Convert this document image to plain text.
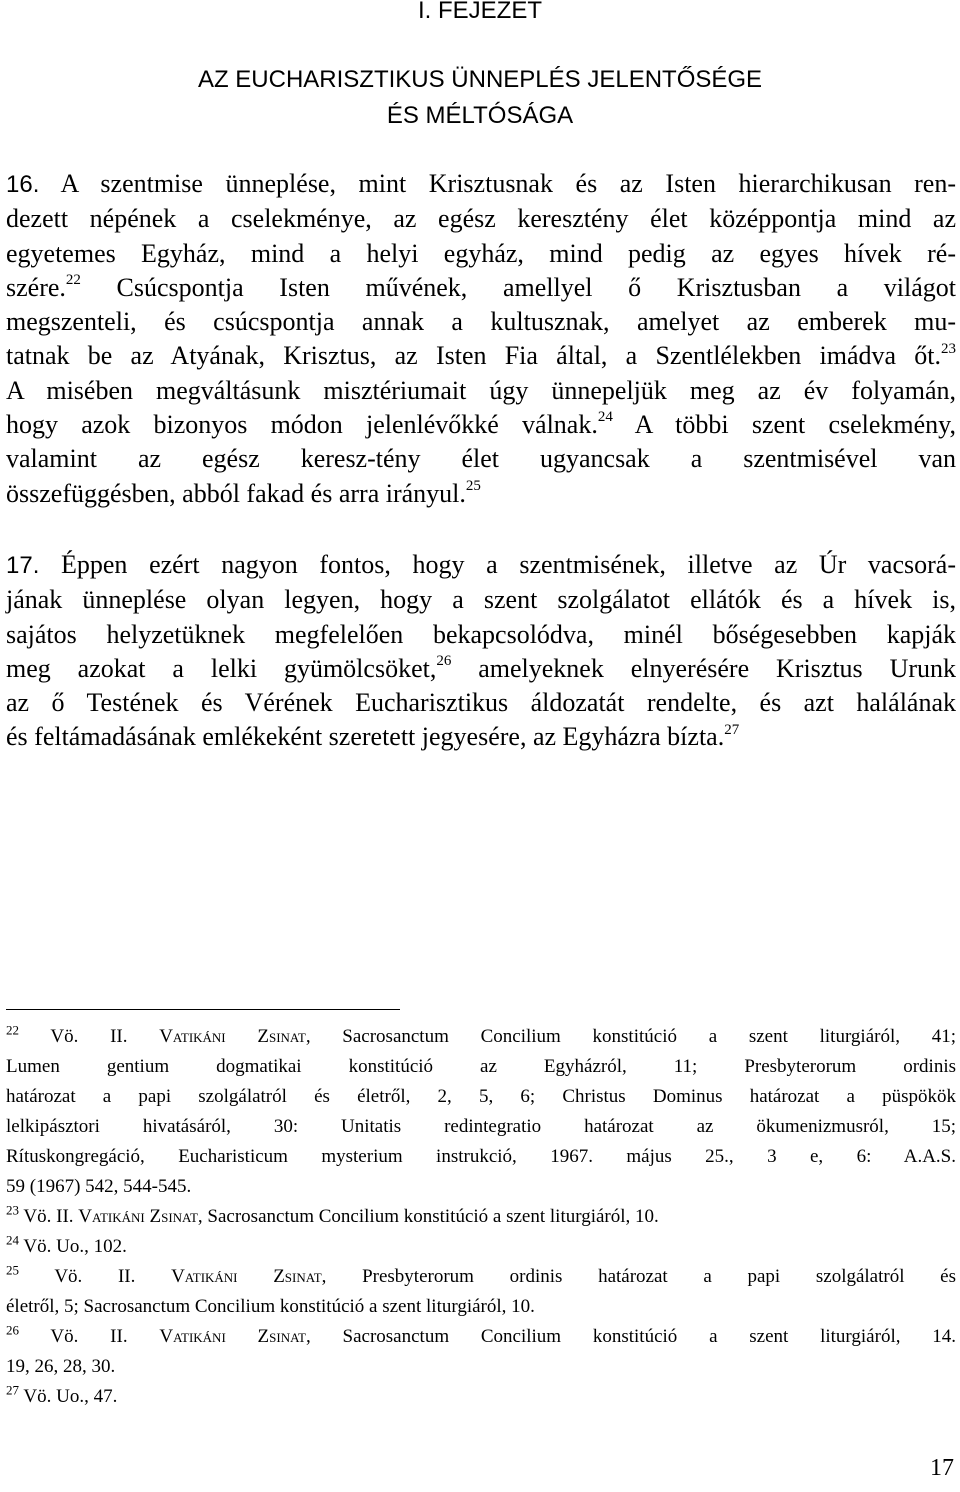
I. FEJEZET
AZ EUCHARISZTIKUS ÜNNEPLÉS JELENTŐSÉGE
ÉS MÉLTÓSÁGA
16. A szentmise ünneplése, mint Krisztusnak és az Isten hierarchikusan ren-
dezett népének a cselekménye, az egész keresztény élet középpontja mind az
egyetemes Egyház, mind a helyi egyház, mind pedig az egyes hívek ré-
szére.$^{22}$ Csúcspontja Isten művének, amellyel ő Krisztusban a világot
megszenteli, és csúcspontja annak a kultusznak, amelyet az emberek mu-
tatnak be az Atyának, Krisztus, az Isten Fia által, a Szentlélekben imádva őt.$^{23}$
A misében megváltásunk misztériumait úgy ünnepeljük meg az év folyamán,
hogy azok bizonyos módon jelenlévőkké válnak.$^{24}$ A többi szent cselekmény,
valamint az egész keresz-tény élet ugyancsak a szentmisével van
összefüggésben, abból fakad és arra irányul.$^{25}$
17. Éppen ezért nagyon fontos, hogy a szentmisének, illetve az Úr vacsorá-
jának ünneplése olyan legyen, hogy a szent szolgálatot ellátók és a hívek is,
sajátos helyzetüknek megfelelően bekapcsolódva, minél bőségesebben kapják
meg azokat a lelki gyümölcsöket,$^{26}$ amelyeknek elnyerésére Krisztus Urunk
az ő Testének és Vérének Eucharisztikus áldozatát rendelte, és azt halálának
és feltámadásának emlékeként szeretett jegyesére, az Egyházra bízta.$^{27}$
$^{22}$ Vö. II. Vatikáni Zsinat, Sacrosanctum Concilium konstitúció a szent liturgiáról, 41;
Lumen gentium dogmatikai konstitúció az Egyházról, 11; Presbyterorum ordinis
határozat a papi szolgálatról és életről, 2, 5, 6; Christus Dominus határozat a püspökök
lelkipásztori hivatásáról, 30: Unitatis redintegratio határozat az ökumenizmusról, 15;
Rítuskongregáció, Eucharisticum mysterium instrukció, 1967. május 25., 3 e, 6: A.A.S.
59 (1967) 542, 544-545.
$^{23}$ Vö. II. Vatikáni Zsinat, Sacrosanctum Concilium konstitúció a szent liturgiáról, 10.
$^{24}$ Vö. Uo., 102.
$^{25}$ Vö. II. Vatikáni Zsinat, Presbyterorum ordinis határozat a papi szolgálatról és
életről, 5; Sacrosanctum Concilium konstitúció a szent liturgiáról, 10.
$^{26}$ Vö. II. Vatikáni Zsinat, Sacrosanctum Concilium konstitúció a szent liturgiáról, 14.
19, 26, 28, 30.
$^{27}$ Vö. Uo., 47.
17
